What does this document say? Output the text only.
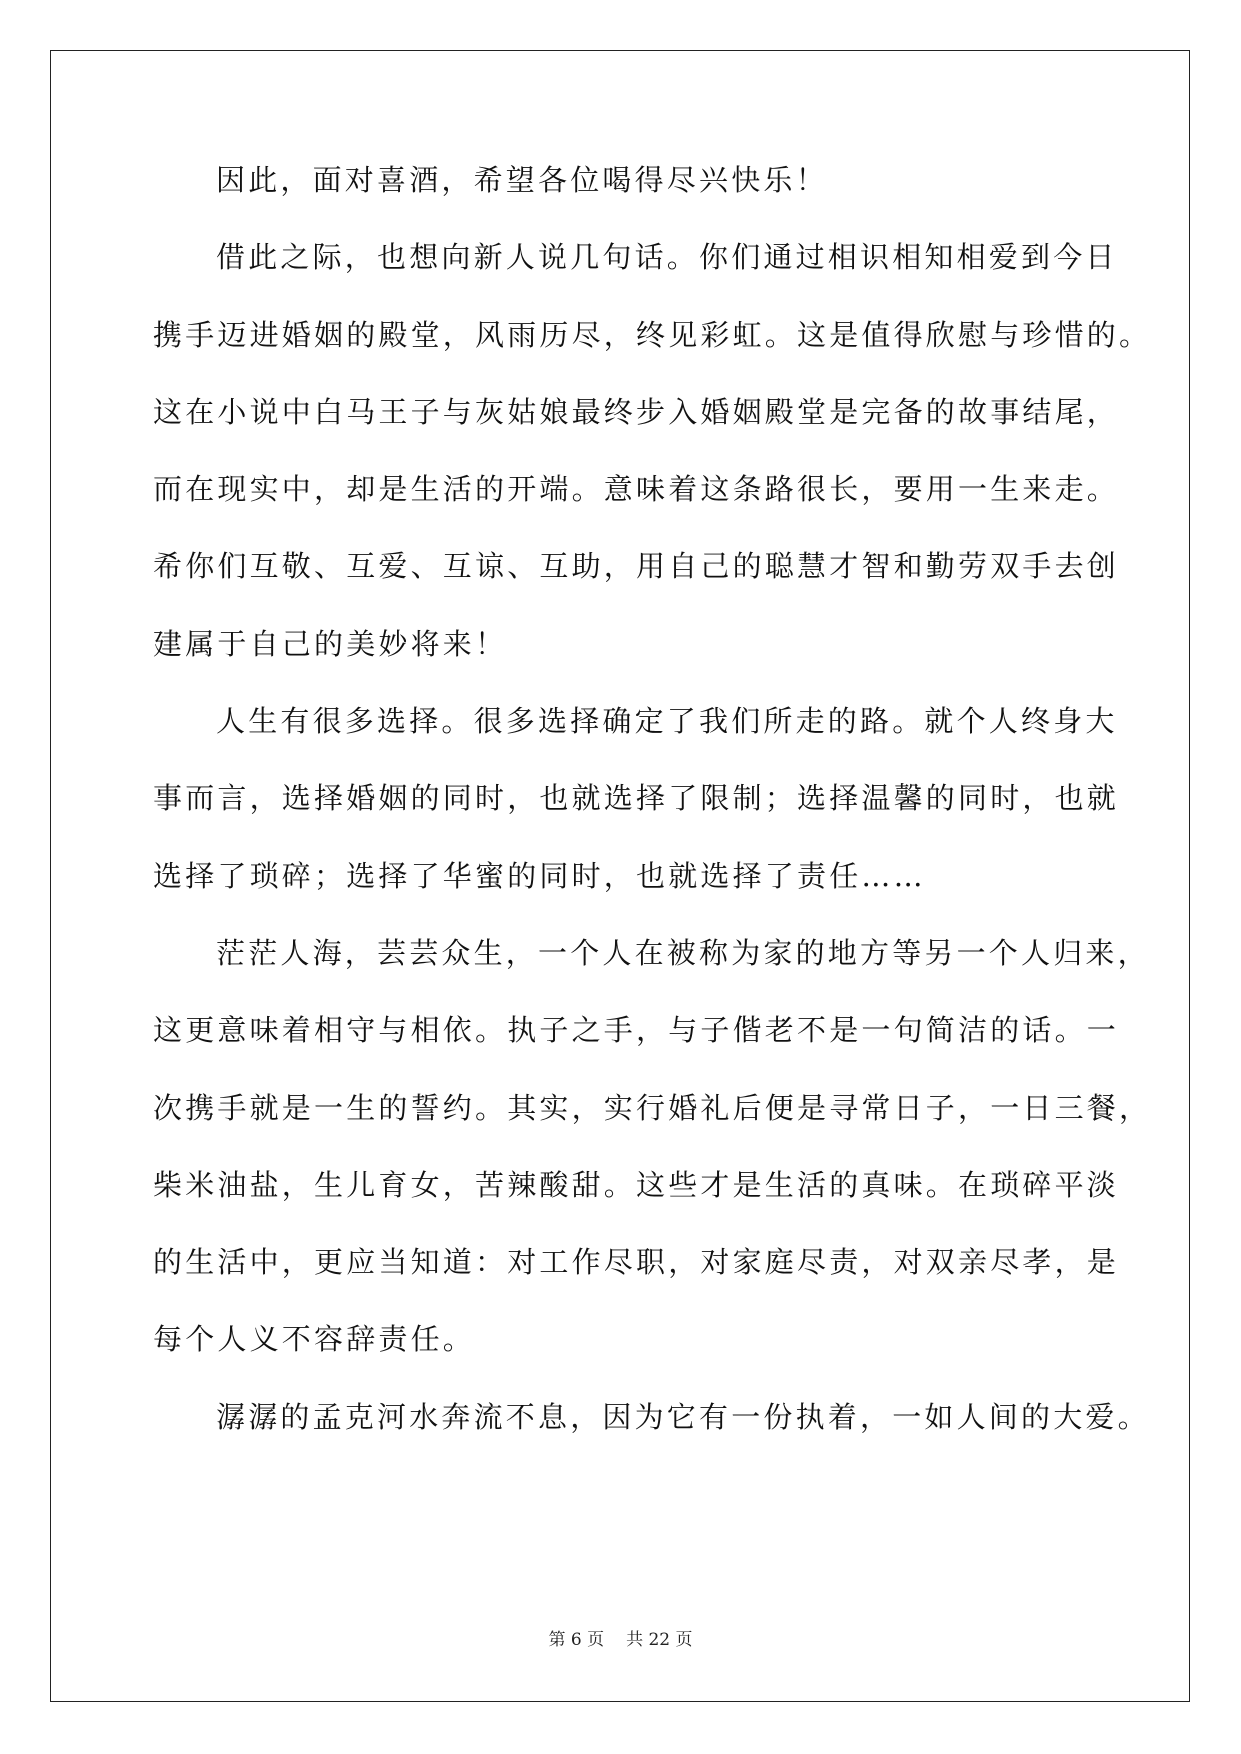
因此，面对喜酒，希望各位喝得尽兴快乐！
借此之际，也想向新人说几句话。你们通过相识相知相爱到今日
携手迈进婚姻的殿堂，风雨历尽，终见彩虹。这是值得欣慰与珍惜的。
这在小说中白马王子与灰姑娘最终步入婚姻殿堂是完备的故事结尾，
而在现实中，却是生活的开端。意味着这条路很长，要用一生来走。
希你们互敬、互爱、互谅、互助，用自己的聪慧才智和勤劳双手去创
建属于自己的美妙将来！
人生有很多选择。很多选择确定了我们所走的路。就个人终身大
事而言，选择婚姻的同时，也就选择了限制；选择温馨的同时，也就
选择了琐碎；选择了华蜜的同时，也就选择了责任……
茫茫人海，芸芸众生，一个人在被称为家的地方等另一个人归来，
这更意味着相守与相依。执子之手，与子偕老不是一句简洁的话。一
次携手就是一生的誓约。其实，实行婚礼后便是寻常日子，一日三餐，
柴米油盐，生儿育女，苦辣酸甜。这些才是生活的真味。在琐碎平淡
的生活中，更应当知道：对工作尽职，对家庭尽责，对双亲尽孝，是
每个人义不容辞责任。
潺潺的孟克河水奔流不息，因为它有一份执着，一如人间的大爱。
第 6 页 共 22 页
